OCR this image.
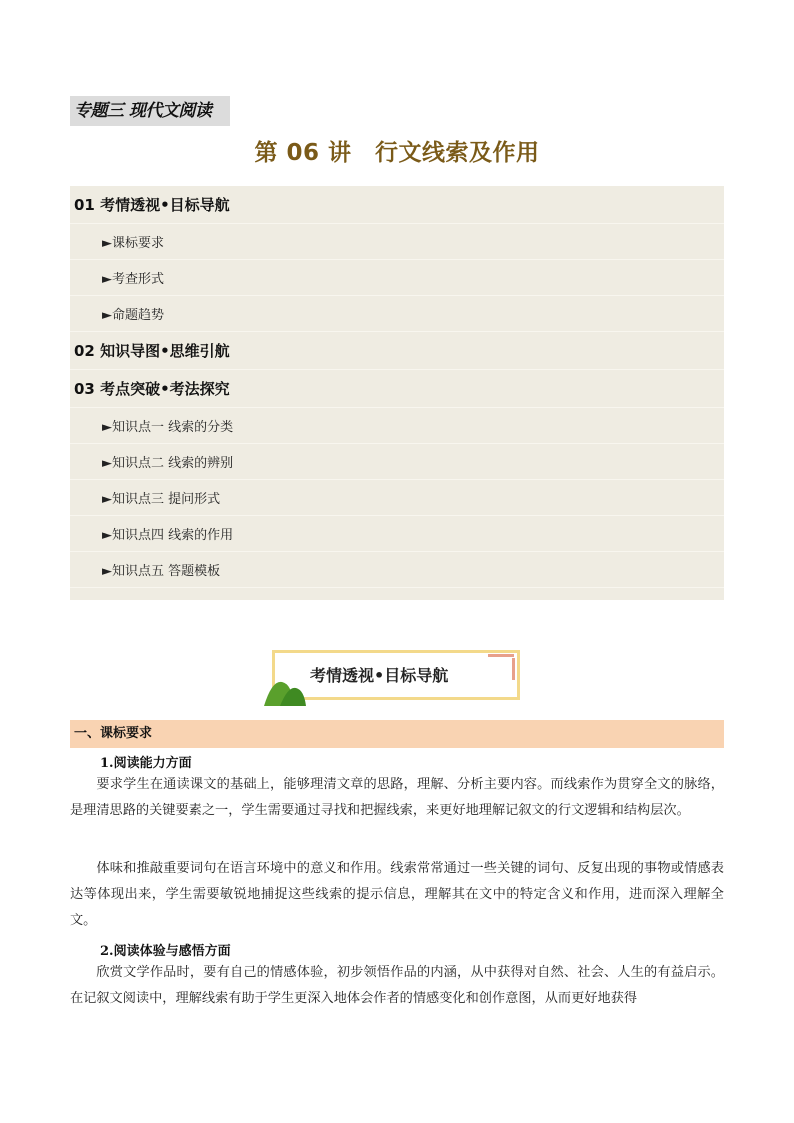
专题三 现代文阅读
第 06 讲　行文线索及作用
01 考情透视•目标导航
►课标要求
►考查形式
►命题趋势
02 知识导图•思维引航
03 考点突破•考法探究
►知识点一 线索的分类
►知识点二 线索的辨别
►知识点三 提问形式
►知识点四 线索的作用
►知识点五 答题模板
考情透视•目标导航
一、课标要求
1.阅读能力方面
要求学生在通读课文的基础上，能够理清文章的思路，理解、分析主要内容。而线索作为贯穿全文的脉络，是理清思路的关键要素之一，学生需要通过寻找和把握线索，来更好地理解记叙文的行文逻辑和结构层次。
体味和推敲重要词句在语言环境中的意义和作用。线索常常通过一些关键的词句、反复出现的事物或情感表达等体现出来，学生需要敏锐地捕捉这些线索的提示信息，理解其在文中的特定含义和作用，进而深入理解全文。
2.阅读体验与感悟方面
欣赏文学作品时，要有自己的情感体验，初步领悟作品的内涵，从中获得对自然、社会、人生的有益启示。在记叙文阅读中，理解线索有助于学生更深入地体会作者的情感变化和创作意图，从而更好地获得
